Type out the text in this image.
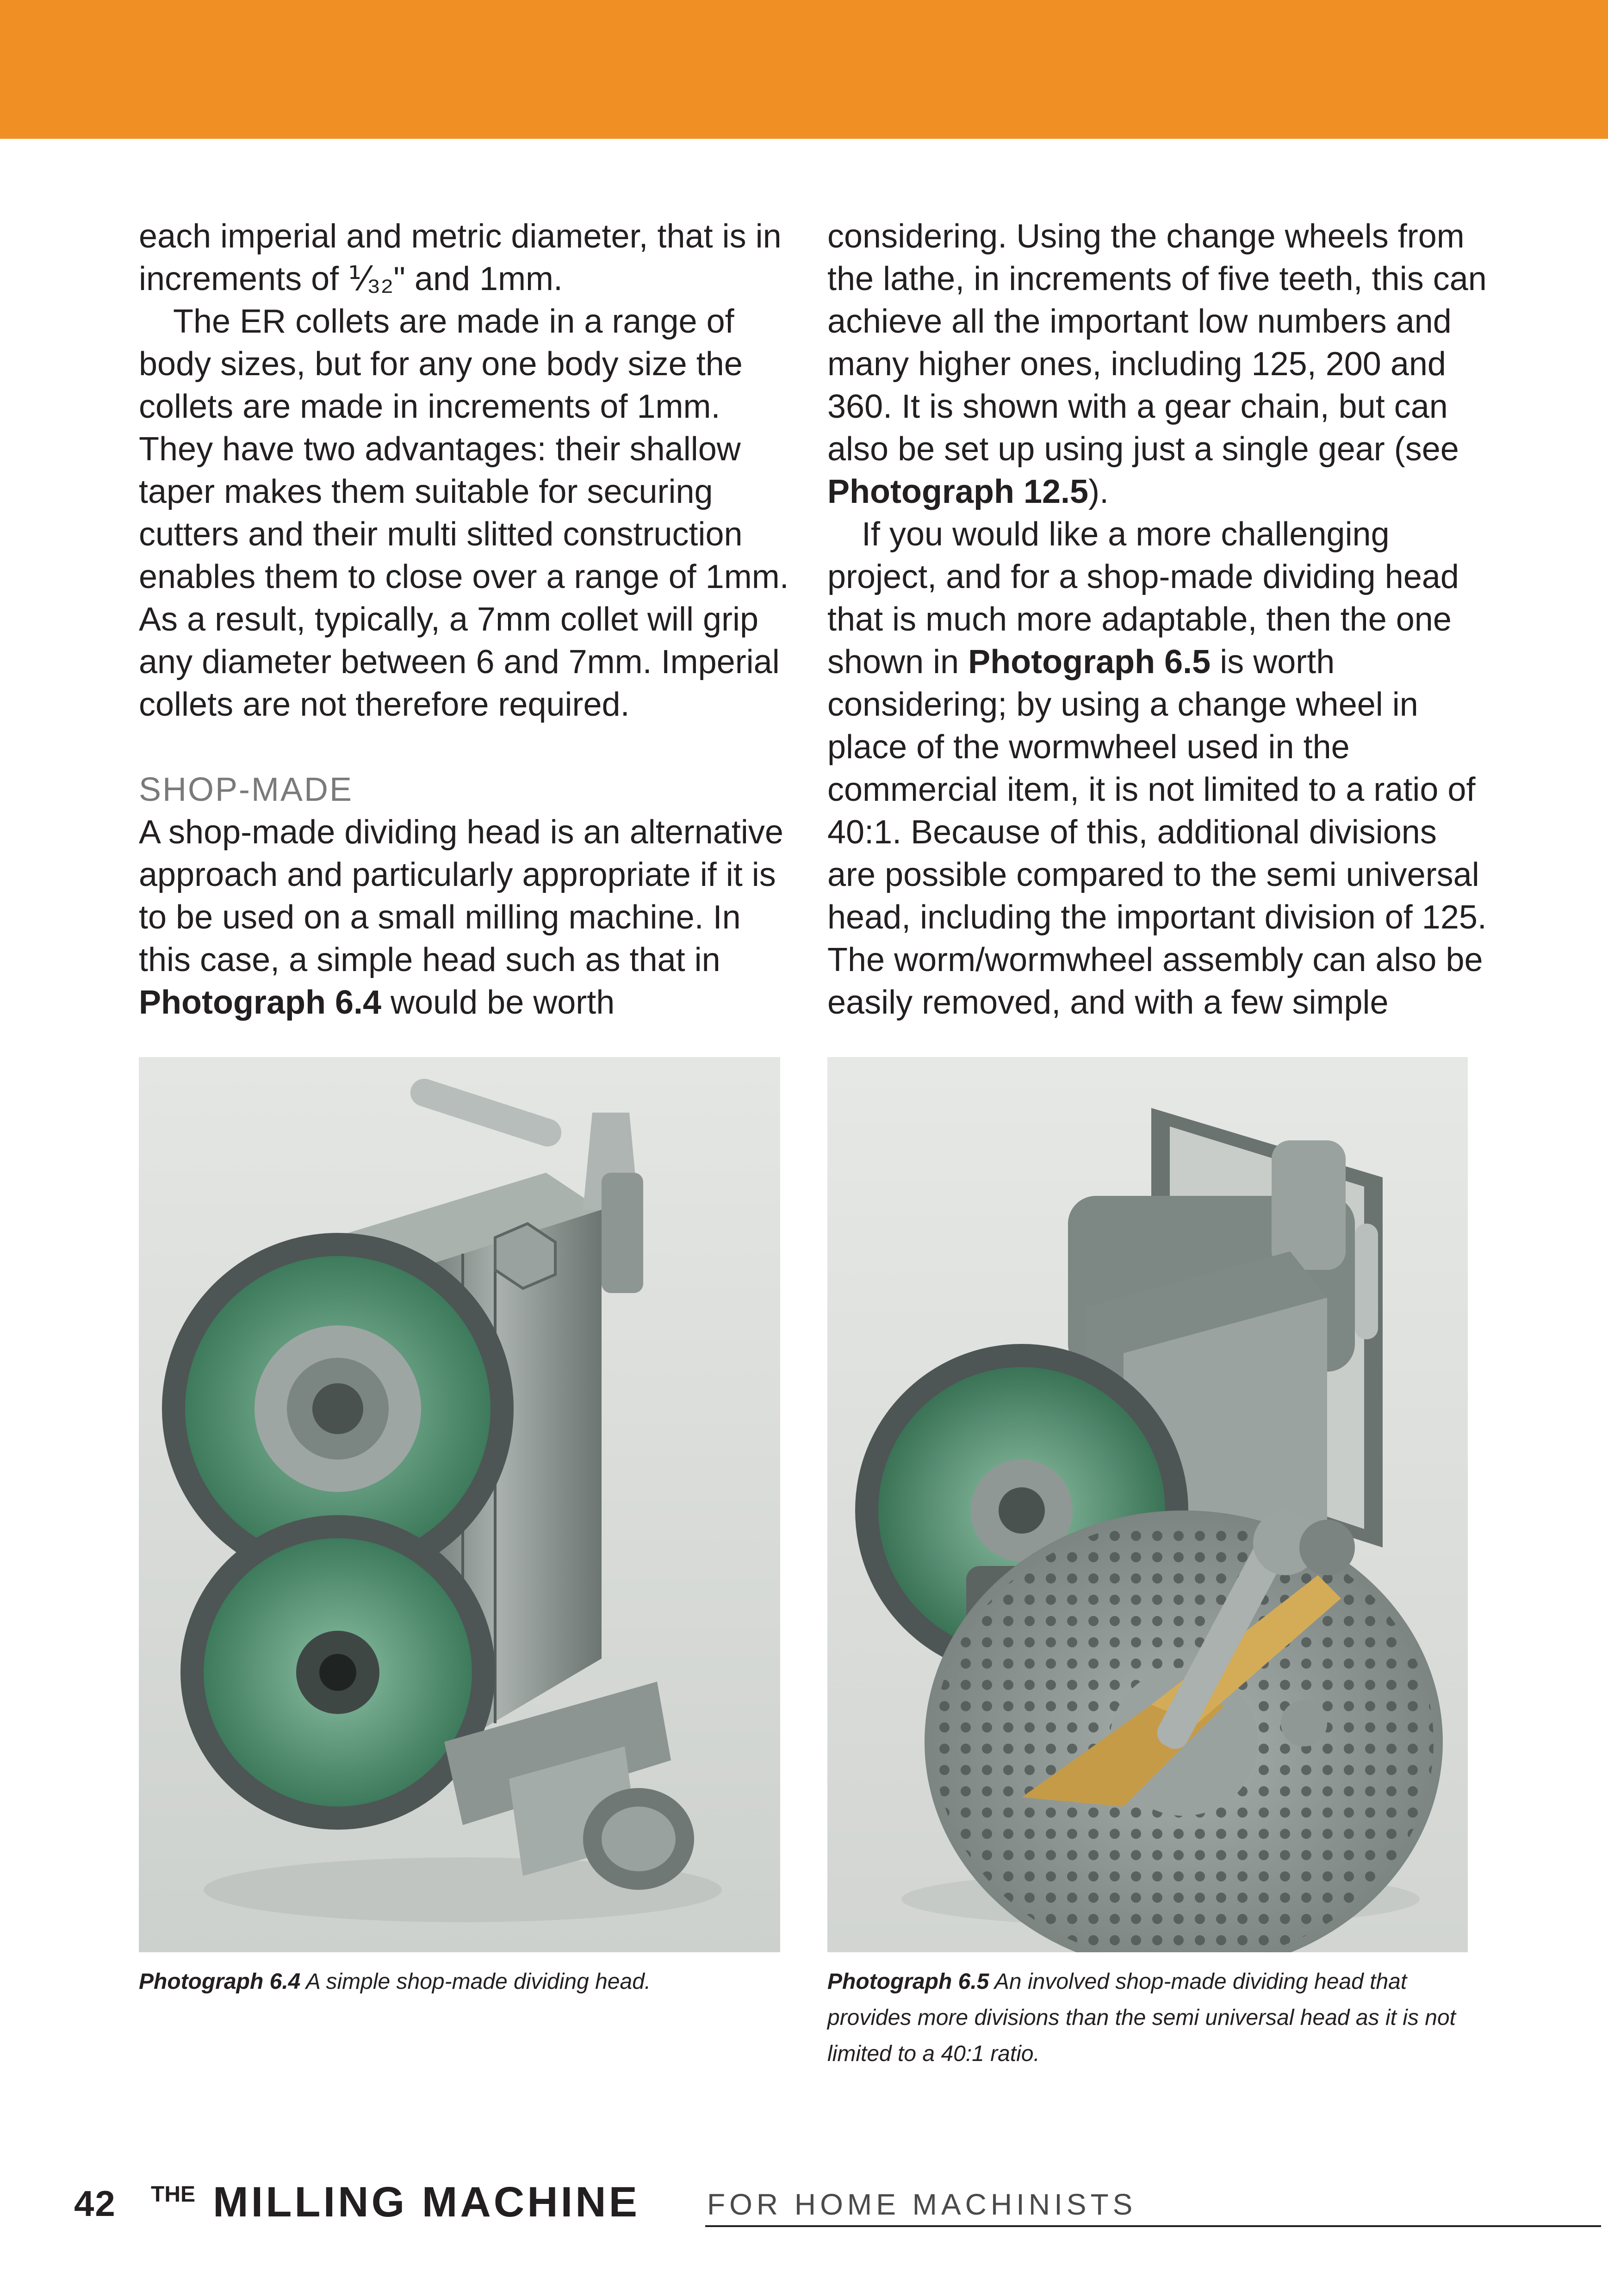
each imperial and metric diameter, that is in increments of ⅟₃₂" and 1mm.

The ER collets are made in a range of body sizes, but for any one body size the collets are made in increments of 1mm. They have two advantages: their shallow taper makes them suitable for securing cutters and their multi slitted construction enables them to close over a range of 1mm. As a result, typically, a 7mm collet will grip any diameter between 6 and 7mm. Imperial collets are not therefore required.

SHOP-MADE

A shop-made dividing head is an alternative approach and particularly appropriate if it is to be used on a small milling machine. In this case, a simple head such as that in Photograph 6.4 would be worth

considering. Using the change wheels from the lathe, in increments of five teeth, this can achieve all the important low numbers and many higher ones, including 125, 200 and 360. It is shown with a gear chain, but can also be set up using just a single gear (see Photograph 12.5).

If you would like a more challenging project, and for a shop-made dividing head that is much more adaptable, then the one shown in Photograph 6.5 is worth considering; by using a change wheel in place of the wormwheel used in the commercial item, it is not limited to a ratio of 40:1. Because of this, additional divisions are possible compared to the semi universal head, including the important division of 125. The worm/wormwheel assembly can also be easily removed, and with a few simple

Photograph 6.4 A simple shop-made dividing head.	Photograph 6.5 An involved shop-made dividing head that provides more divisions than the semi universal head as it is not limited to a 40:1 ratio.
42 THE MILLING MACHINE FOR HOME MACHINISTS
